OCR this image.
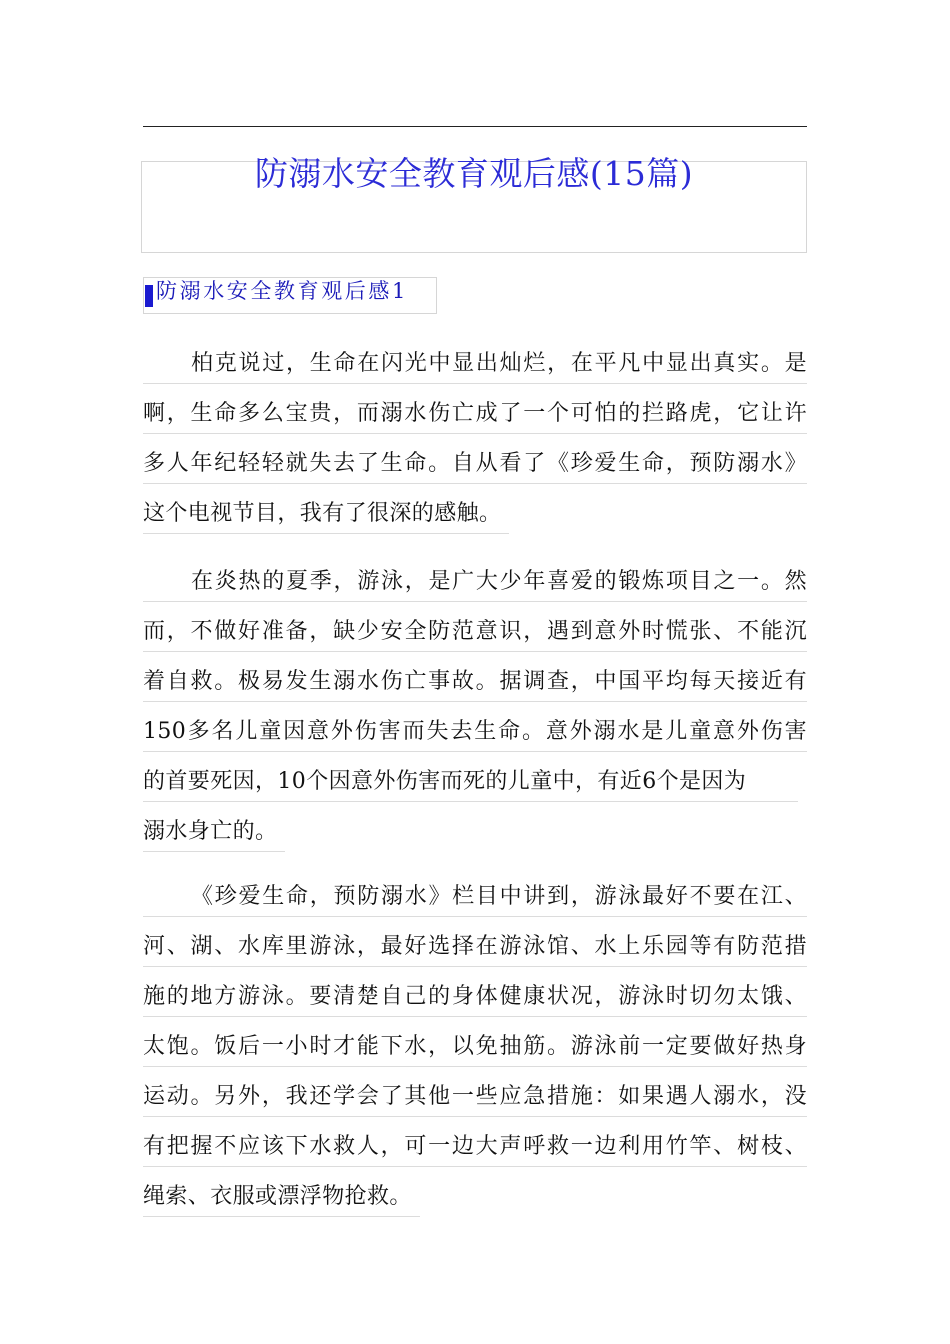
防溺水安全教育观后感(15篇)
防溺水安全教育观后感1
柏克说过，生命在闪光中显出灿烂，在平凡中显出真实。是
啊，生命多么宝贵，而溺水伤亡成了一个可怕的拦路虎，它让许
多人年纪轻轻就失去了生命。自从看了《珍爱生命，预防溺水》
这个电视节目，我有了很深的感触。
在炎热的夏季，游泳，是广大少年喜爱的锻炼项目之一。然
而，不做好准备，缺少安全防范意识，遇到意外时慌张、不能沉
着自救。极易发生溺水伤亡事故。据调查，中国平均每天接近有
150多名儿童因意外伤害而失去生命。意外溺水是儿童意外伤害
的首要死因，10个因意外伤害而死的儿童中，有近6个是因为
溺水身亡的。
《珍爱生命，预防溺水》栏目中讲到，游泳最好不要在江、
河、湖、水库里游泳，最好选择在游泳馆、水上乐园等有防范措
施的地方游泳。要清楚自己的身体健康状况，游泳时切勿太饿、
太饱。饭后一小时才能下水，以免抽筋。游泳前一定要做好热身
运动。另外，我还学会了其他一些应急措施：如果遇人溺水，没
有把握不应该下水救人，可一边大声呼救一边利用竹竿、树枝、
绳索、衣服或漂浮物抢救。
